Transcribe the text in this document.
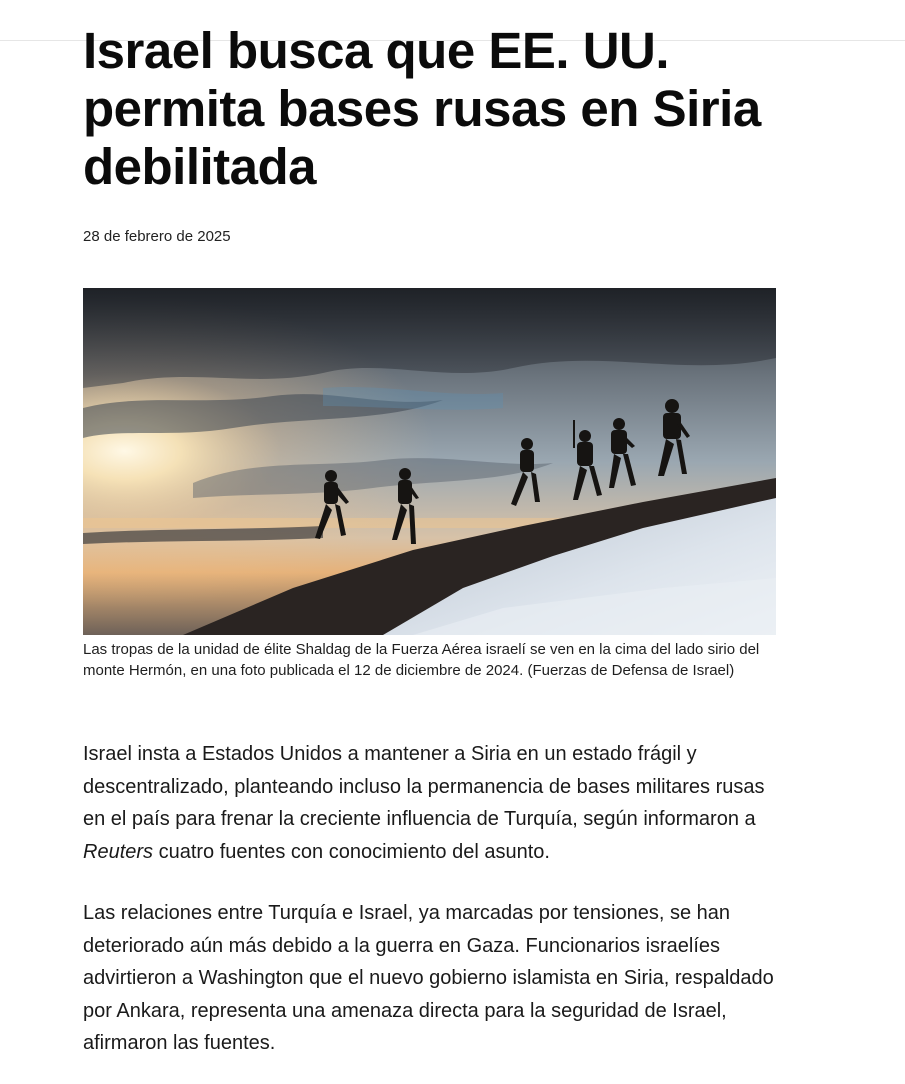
Israel busca que EE. UU. permita bases rusas en Siria debilitada
28 de febrero de 2025
Las tropas de la unidad de élite Shaldag de la Fuerza Aérea israelí se ven en la cima del lado sirio del monte Hermón, en una foto publicada el 12 de diciembre de 2024. (Fuerzas de Defensa de Israel)

Israel insta a Estados Unidos a mantener a Siria en un estado frágil y descentralizado, planteando incluso la permanencia de bases militares rusas en el país para frenar la creciente influencia de Turquía, según informaron a Reuters cuatro fuentes con conocimiento del asunto.

Las relaciones entre Turquía e Israel, ya marcadas por tensiones, se han deteriorado aún más debido a la guerra en Gaza. Funcionarios israelíes advirtieron a Washington que el nuevo gobierno islamista en Siria, respaldado por Ankara, representa una amenaza directa para la seguridad de Israel, afirmaron las fuentes.
